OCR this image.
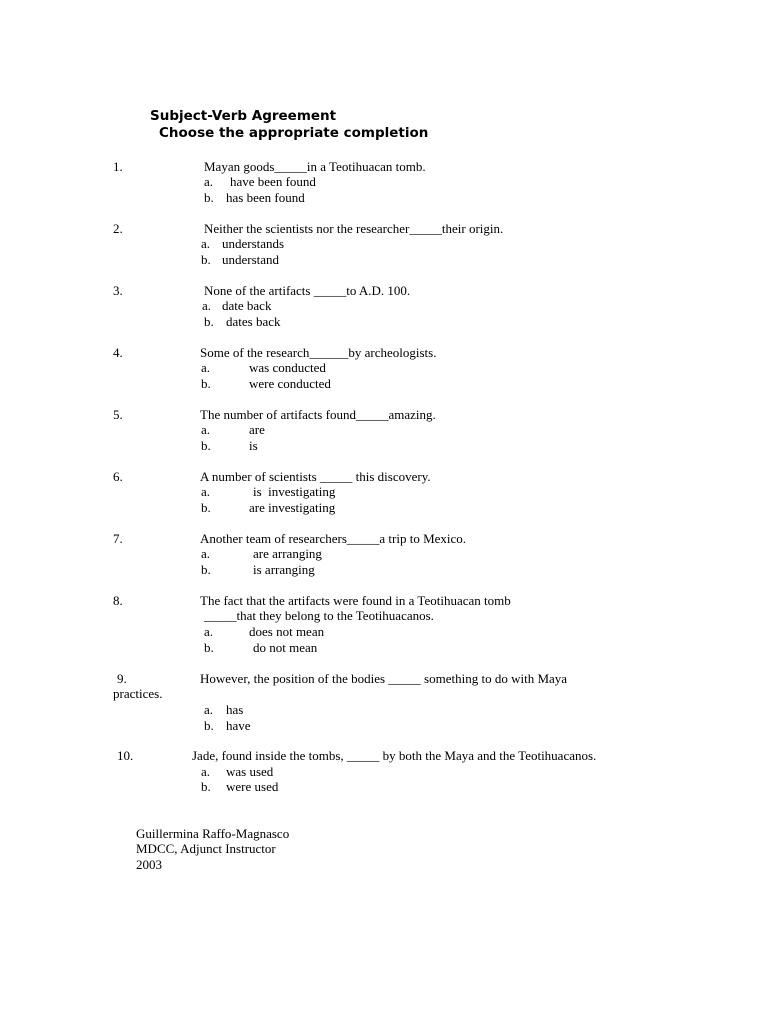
Subject-Verb Agreement
Choose the appropriate completion
1.	Mayan goods_____in a Teotihuacan tomb.
a. have been found
b. has been found
2.	Neither the scientists nor the researcher_____their origin.
a. understands
b. understand
3.	None of the artifacts _____to A.D. 100.
a. date back
b. dates back
4.	Some of the research______by archeologists.
a.	was conducted
b.	were conducted
5.	The number of artifacts found_____amazing.
a.	are
b.	is
6.	A number of scientists _____ this discovery.
a.	is  investigating
b.	are investigating
7.	Another team of researchers_____a trip to Mexico.
a.	are arranging
b.	is arranging
8.	The fact that the artifacts were found in a Teotihuacan tomb
_____that they belong to the Teotihuacanos.
a.	does not mean
b.	do not mean
9.	However, the position of the bodies _____ something to do with Maya
practices.
a. has
b. have
10.	Jade, found inside the tombs, _____ by both the Maya and the Teotihuacanos.
a. was used
b. were used
Guillermina Raffo-Magnasco
MDCC, Adjunct Instructor
2003
